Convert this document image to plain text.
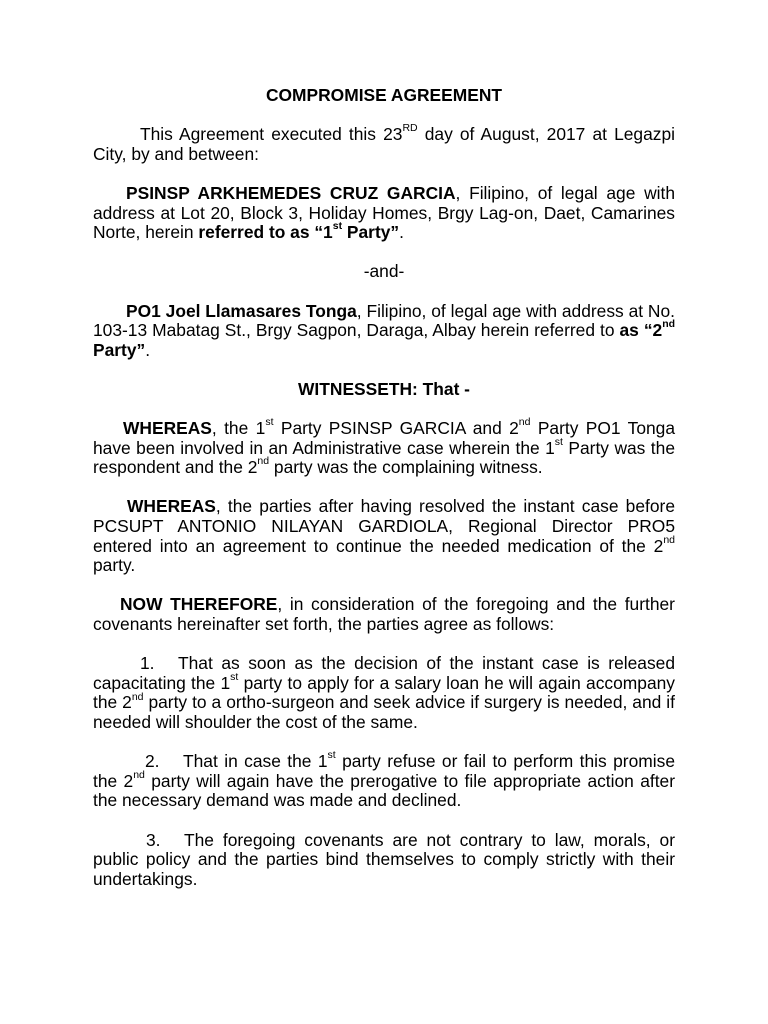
COMPROMISE AGREEMENT

This Agreement executed this 23RD day of August, 2017 at Legazpi City, by and between:

PSINSP ARKHEMEDES CRUZ GARCIA, Filipino, of legal age with address at Lot 20, Block 3, Holiday Homes, Brgy Lag-on, Daet, Camarines Norte, herein referred to as “1st Party”.

-and-

PO1 Joel Llamasares Tonga, Filipino, of legal age with address at No. 103-13 Mabatag St., Brgy Sagpon, Daraga, Albay herein referred to as “2nd Party”.

WITNESSETH: That -

WHEREAS, the 1st Party PSINSP GARCIA and 2nd Party PO1 Tonga have been involved in an Administrative case wherein the 1st Party was the respondent and the 2nd party was the complaining witness.

WHEREAS, the parties after having resolved the instant case before PCSUPT ANTONIO NILAYAN GARDIOLA, Regional Director PRO5 entered into an agreement to continue the needed medication of the 2nd party.

NOW THEREFORE, in consideration of the foregoing and the further covenants hereinafter set forth, the parties agree as follows:

1. That as soon as the decision of the instant case is released capacitating the 1st party to apply for a salary loan he will again accompany the 2nd party to a ortho-surgeon and seek advice if surgery is needed, and if needed will shoulder the cost of the same.

2. That in case the 1st party refuse or fail to perform this promise the 2nd party will again have the prerogative to file appropriate action after the necessary demand was made and declined.

3. The foregoing covenants are not contrary to law, morals, or public policy and the parties bind themselves to comply strictly with their undertakings.
